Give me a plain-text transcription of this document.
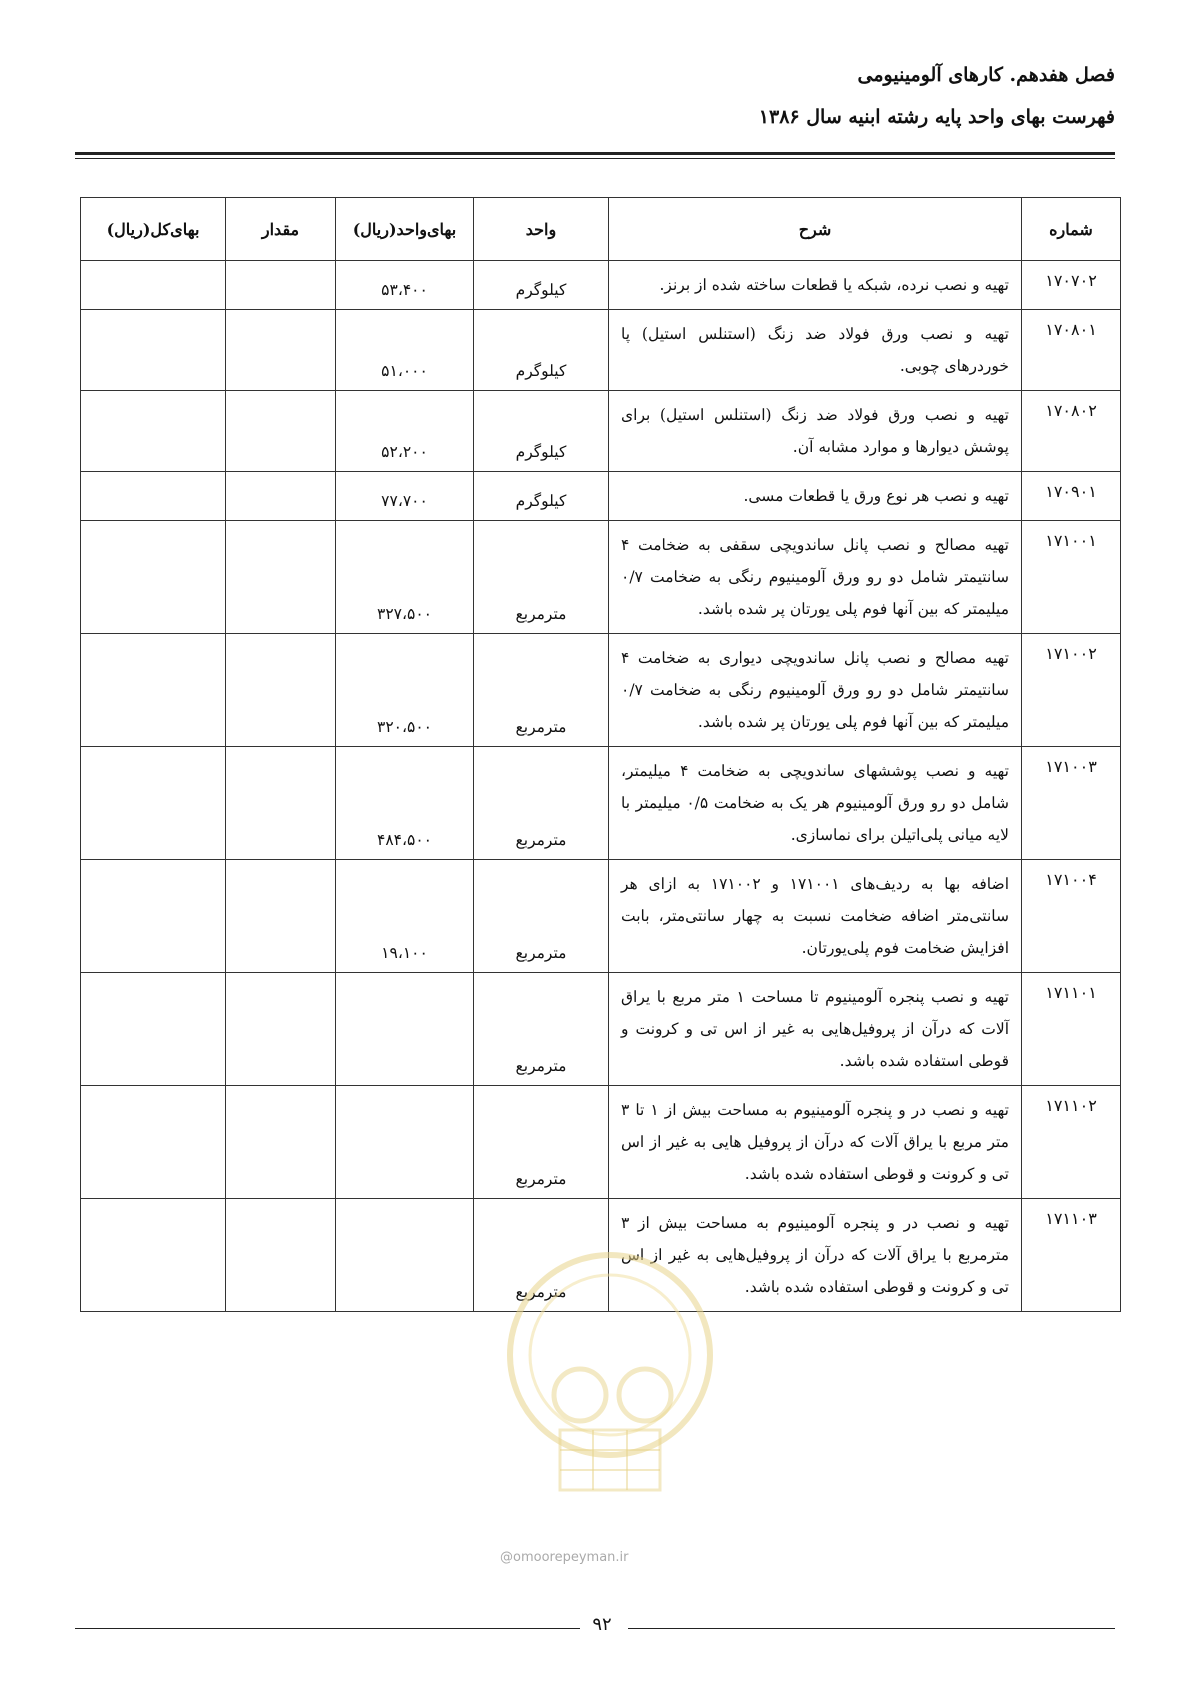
فصل هفدهم. کارهای آلومینیومی
فهرست بهای واحد پایه رشته ابنیه سال ۱۳۸۶
شماره	شرح	واحد	بهای‌واحد(ریال)	مقدار	بهای‌کل(ریال)
۱۷۰۷۰۲	تهیه و نصب نرده، شبکه یا قطعات ساخته شده از برنز.	کیلوگرم	۵۳،۴۰۰		
۱۷۰۸۰۱	تهیه و نصب ورق فولاد ضد زنگ (استنلس استیل) پا خوردرهای چوبی.	کیلوگرم	۵۱،۰۰۰		
۱۷۰۸۰۲	تهیه و نصب ورق فولاد ضد زنگ (استنلس استیل) برای پوشش دیوارها و موارد مشابه آن.	کیلوگرم	۵۲،۲۰۰		
۱۷۰۹۰۱	تهیه و نصب هر نوع ورق یا قطعات مسی.	کیلوگرم	۷۷،۷۰۰		
۱۷۱۰۰۱	تهیه مصالح و نصب پانل ساندویچی سقفی به ضخامت ۴ سانتیمتر شامل دو رو ورق آلومینیوم رنگی به ضخامت ۰/۷ میلیمتر که بین آنها فوم پلی یورتان پر شده باشد.	مترمربع	۳۲۷،۵۰۰		
۱۷۱۰۰۲	تهیه مصالح و نصب پانل ساندویچی دیواری به ضخامت ۴ سانتیمتر شامل دو رو ورق آلومینیوم رنگی به ضخامت ۰/۷ میلیمتر که بین آنها فوم پلی یورتان پر شده باشد.	مترمربع	۳۲۰،۵۰۰		
۱۷۱۰۰۳	تهیه و نصب پوششهای ساندویچی به ضخامت ۴ میلیمتر، شامل دو رو ورق آلومینیوم هر یک به ضخامت ۰/۵ میلیمتر با لایه میانی پلی‌اتیلن برای نماسازی.	مترمربع	۴۸۴،۵۰۰		
۱۷۱۰۰۴	اضافه بها به ردیف‌های ۱۷۱۰۰۱ و ۱۷۱۰۰۲ به ازای هر سانتی‌متر اضافه ضخامت نسبت به چهار سانتی‌متر، بابت افزایش ضخامت فوم پلی‌یورتان.	مترمربع	۱۹،۱۰۰		
۱۷۱۱۰۱	تهیه و نصب پنجره آلومینیوم تا مساحت ۱ متر مربع با یراق آلات که درآن از پروفیل‌هایی به غیر از اس تی و کرونت و قوطی استفاده شده باشد.	مترمربع			
۱۷۱۱۰۲	تهیه و نصب در و پنجره آلومینیوم به مساحت بیش از ۱ تا ۳ متر مربع با یراق آلات که درآن از پروفیل هایی به غیر از اس تی و کرونت و قوطی استفاده شده باشد.	مترمربع			
۱۷۱۱۰۳	تهیه و نصب در و پنجره آلومینیوم به مساحت بیش از ۳ مترمربع با یراق آلات که درآن از پروفیل‌هایی به غیر از اس تی و کرونت و قوطی استفاده شده باشد.	مترمربع			
@omoorepeyman.ir
۹۲
